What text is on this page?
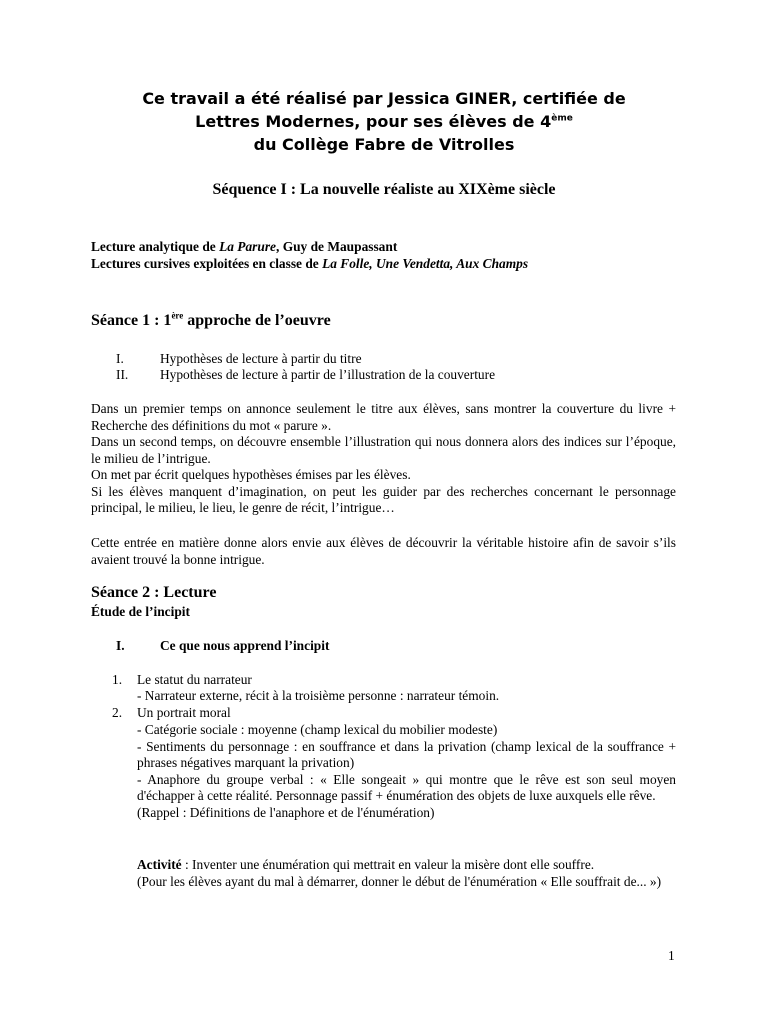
Ce travail a été réalisé par Jessica GINER, certifiée de
Lettres Modernes, pour ses élèves de 4ème
du Collège Fabre de Vitrolles
Séquence I : La nouvelle réaliste au XIXème siècle
Lecture analytique de La Parure, Guy de Maupassant
Lectures cursives exploitées en classe de La Folle, Une Vendetta, Aux Champs
Séance 1 : 1ère approche de l’oeuvre
I.	Hypothèses de lecture à partir du titre
II. Hypothèses de lecture à partir de l’illustration de la couverture

Dans un premier temps on annonce seulement le titre aux élèves, sans montrer la couverture du livre + Recherche des définitions du mot « parure ».

Dans un second temps, on découvre ensemble l’illustration qui nous donnera alors des indices sur l’époque, le milieu de l’intrigue.

On met par écrit quelques hypothèses émises par les élèves.

Si les élèves manquent d’imagination, on peut les guider par des recherches concernant le personnage principal, le milieu, le lieu, le genre de récit, l’intrigue…

Cette entrée en matière donne alors envie aux élèves de découvrir la véritable histoire afin de savoir s’ils avaient trouvé la bonne intrigue.
Séance 2 : Lecture
Étude de l’incipit
I.	Ce que nous apprend l’incipit
1. Le statut du narrateur
- Narrateur externe, récit à la troisième personne : narrateur témoin.
2. Un portrait moral

- Catégorie sociale : moyenne (champ lexical du mobilier modeste)

- Sentiments du personnage : en souffrance et dans la privation (champ lexical de la souffrance + phrases négatives marquant la privation)

- Anaphore du groupe verbal : « Elle songeait » qui montre que le rêve est son seul moyen d'échapper à cette réalité. Personnage passif + énumération des objets de luxe auxquels elle rêve.

(Rappel : Définitions de l'anaphore et de l'énumération)

Activité : Inventer une énumération qui mettrait en valeur la misère dont elle souffre.

(Pour les élèves ayant du mal à démarrer, donner le début de l'énumération « Elle souffrait de... »)

1
